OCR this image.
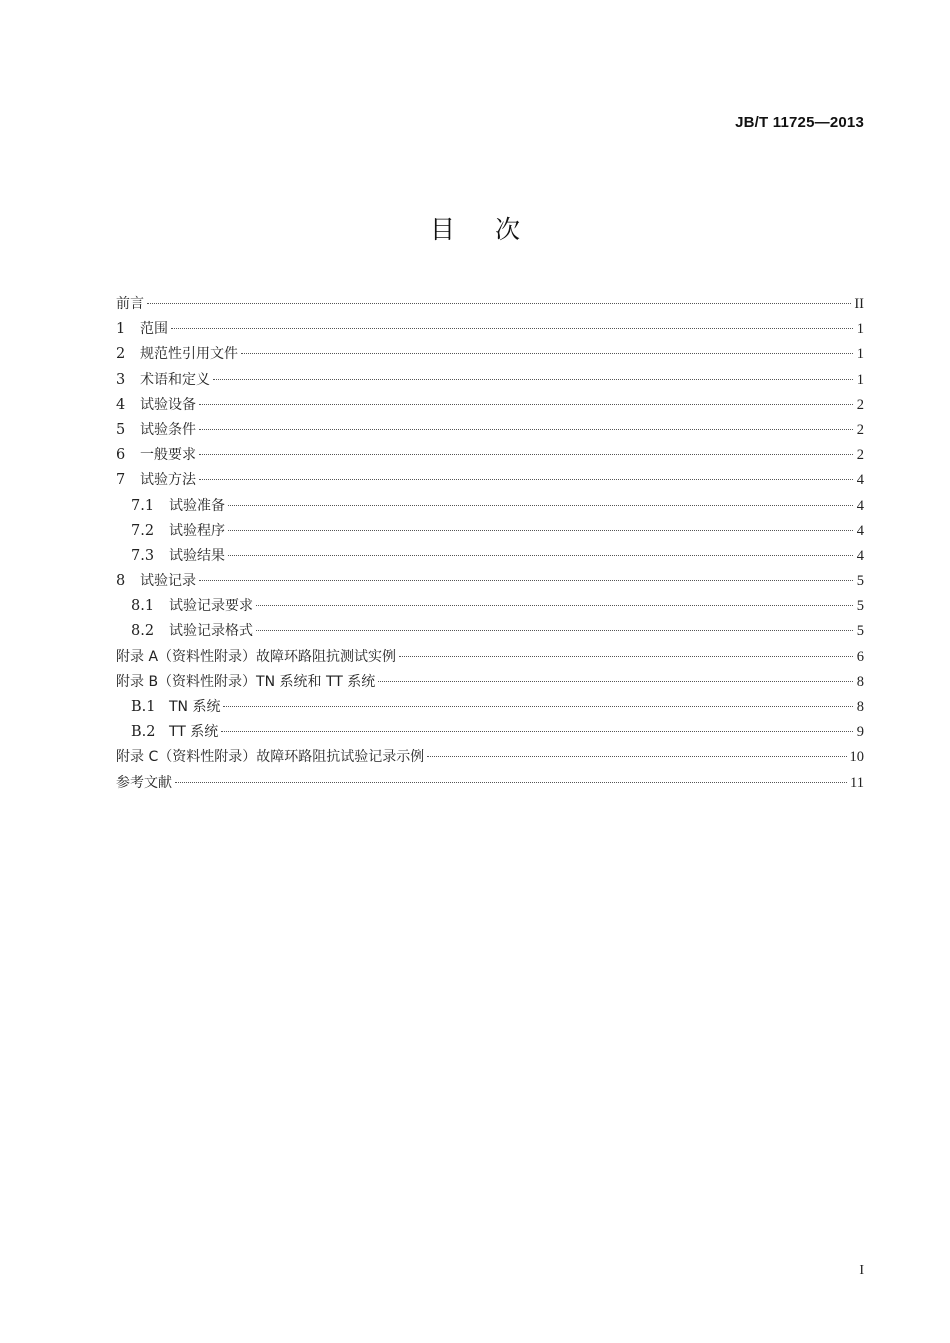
JB/T 11725—2013
目次
前言	II
1	范围	1
2	规范性引用文件	1
3	术语和定义	1
4	试验设备	2
5	试验条件	2
6	一般要求	2
7	试验方法	4
7.1	试验准备	4
7.2	试验程序	4
7.3	试验结果	4
8	试验记录	5
8.1	试验记录要求	5
8.2	试验记录格式	5
附录 A（资料性附录）故障环路阻抗测试实例	6
附录 B（资料性附录）TN 系统和 TT 系统	8
B.1 TN 系统	8
B.2 TT 系统	9
附录 C（资料性附录）故障环路阻抗试验记录示例	10
参考文献	11
I
